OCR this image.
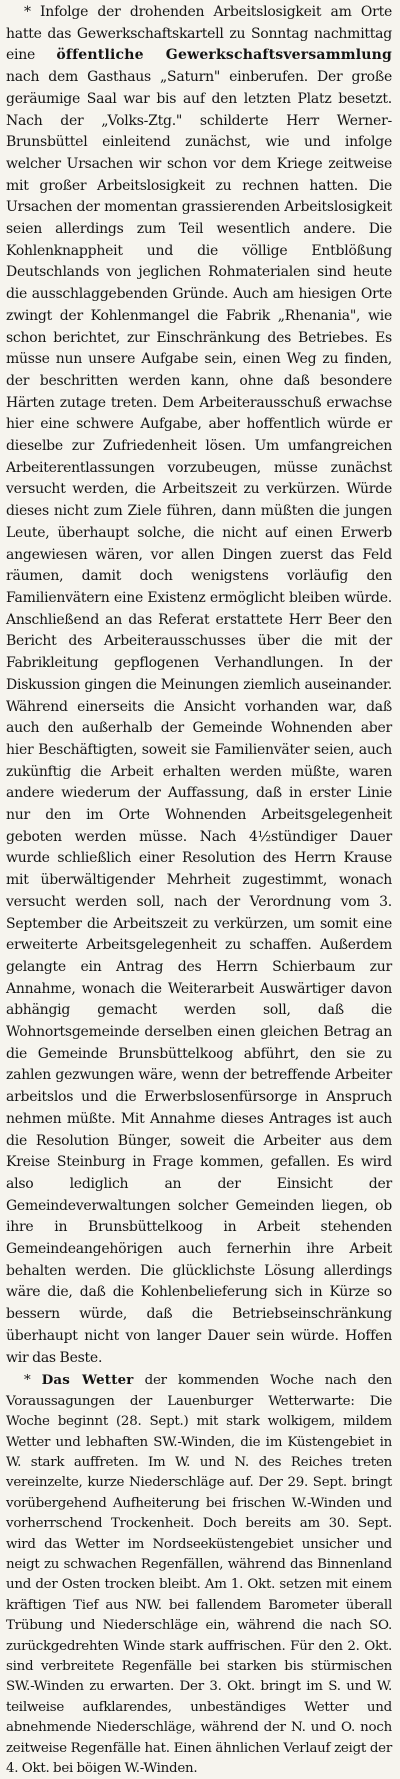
* Infolge der drohenden Arbeitslosigkeit am Orte hatte das Gewerkschaftskartell zu Sonntag nachmittag eine öffentliche Gewerkschaftsversammlung nach dem Gasthaus „Saturn" einberufen. Der große geräumige Saal war bis auf den letzten Platz besetzt. Nach der „Volks-Ztg." schilderte Herr Werner-Brunsbüttel einleitend zunächst, wie und infolge welcher Ursachen wir schon vor dem Kriege zeitweise mit großer Arbeitslosigkeit zu rechnen hatten. Die Ursachen der momentan grassierenden Arbeitslosigkeit seien allerdings zum Teil wesentlich andere. Die Kohlenknappheit und die völlige Entblößung Deutschlands von jeglichen Rohmaterialen sind heute die ausschlaggebenden Gründe. Auch am hiesigen Orte zwingt der Kohlenmangel die Fabrik „Rhenania", wie schon berichtet, zur Einschränkung des Betriebes. Es müsse nun unsere Aufgabe sein, einen Weg zu finden, der beschritten werden kann, ohne daß besondere Härten zutage treten. Dem Arbeiterausschuß erwachse hier eine schwere Aufgabe, aber hoffentlich würde er dieselbe zur Zufriedenheit lösen. Um umfangreichen Arbeiterentlassungen vorzubeugen, müsse zunächst versucht werden, die Arbeitszeit zu verkürzen. Würde dieses nicht zum Ziele führen, dann müßten die jungen Leute, überhaupt solche, die nicht auf einen Erwerb angewiesen wären, vor allen Dingen zuerst das Feld räumen, damit doch wenigstens vorläufig den Familienvätern eine Existenz ermöglicht bleiben würde. Anschließend an das Referat erstattete Herr Beer den Bericht des Arbeiterausschusses über die mit der Fabrikleitung gepflogenen Verhandlungen. In der Diskussion gingen die Meinungen ziemlich auseinander. Während einerseits die Ansicht vorhanden war, daß auch den außerhalb der Gemeinde Wohnenden aber hier Beschäftigten, soweit sie Familienväter seien, auch zukünftig die Arbeit erhalten werden müßte, waren andere wiederum der Auffassung, daß in erster Linie nur den im Orte Wohnenden Arbeitsgelegenheit geboten werden müsse. Nach 4½stündiger Dauer wurde schließlich einer Resolution des Herrn Krause mit überwältigender Mehrheit zugestimmt, wonach versucht werden soll, nach der Verordnung vom 3. September die Arbeitszeit zu verkürzen, um somit eine erweiterte Arbeitsgelegenheit zu schaffen. Außerdem gelangte ein Antrag des Herrn Schierbaum zur Annahme, wonach die Weiterarbeit Auswärtiger davon abhängig gemacht werden soll, daß die Wohnortsgemeinde derselben einen gleichen Betrag an die Gemeinde Brunsbüttelkoog abführt, den sie zu zahlen gezwungen wäre, wenn der betreffende Arbeiter arbeitslos und die Erwerbslosenfürsorge in Anspruch nehmen müßte. Mit Annahme dieses Antrages ist auch die Resolution Bünger, soweit die Arbeiter aus dem Kreise Steinburg in Frage kommen, gefallen. Es wird also lediglich an der Einsicht der Gemeindeverwaltungen solcher Gemeinden liegen, ob ihre in Brunsbüttelkoog in Arbeit stehenden Gemeindeangehörigen auch fernerhin ihre Arbeit behalten werden. Die glücklichste Lösung allerdings wäre die, daß die Kohlenbelieferung sich in Kürze so bessern würde, daß die Betriebseinschränkung überhaupt nicht von langer Dauer sein würde. Hoffen wir das Beste.

* Das Wetter der kommenden Woche nach den Voraussagungen der Lauenburger Wetterwarte: Die Woche beginnt (28. Sept.) mit stark wolkigem, mildem Wetter und lebhaften SW.-Winden, die im Küstengebiet in W. stark auffreten. Im W. und N. des Reiches treten vereinzelte, kurze Niederschläge auf. Der 29. Sept. bringt vorübergehend Aufheiterung bei frischen W.-Winden und vorherrschend Trockenheit. Doch bereits am 30. Sept. wird das Wetter im Nordseeküstengebiet unsicher und neigt zu schwachen Regenfällen, während das Binnenland und der Osten trocken bleibt. Am 1. Okt. setzen mit einem kräftigen Tief aus NW. bei fallendem Barometer überall Trübung und Niederschläge ein, während die nach SO. zurückgedrehten Winde stark auffrischen. Für den 2. Okt. sind verbreitete Regenfälle bei starken bis stürmischen SW.-Winden zu erwarten. Der 3. Okt. bringt im S. und W. teilweise aufklarendes, unbeständiges Wetter und abnehmende Niederschläge, während der N. und O. noch zeitweise Regenfälle hat. Einen ähnlichen Verlauf zeigt der 4. Okt. bei böigen W.-Winden.
